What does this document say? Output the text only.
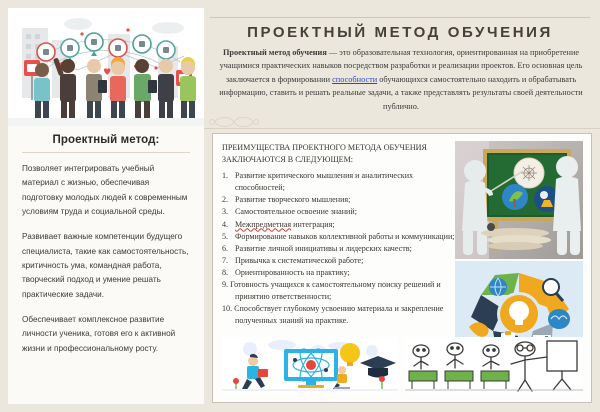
Проектный метод:

Позволяет интегрировать учебный материал с жизнью, обеспечивая подготовку молодых людей к современным условиям труда и социальной среды.

Развивает важные компетенции будущего специалиста, такие как самостоятельность, критичность ума, командная работа, творческий подход и умение решать практические задачи.

Обеспечивает комплексное развитие личности ученика, готовя его к активной жизни и профессиональному росту.

ПРОЕКТНЫЙ МЕТОД ОБУЧЕНИЯ
Проектный метод обучения — это образовательная технология, ориентированная на приобретение учащимися практических навыков посредством разработки и реализации проектов. Его основная цель заключается в формировании способности обучающихся самостоятельно находить и обрабатывать информацию, ставить и решать реальные задачи, а также представлять результаты своей деятельности публично.
ПРЕИМУЩЕСТВА ПРОЕКТНОГО МЕТОДА ОБУЧЕНИЯ
ЗАКЛЮЧАЮТСЯ В СЛЕДУЮЩЕМ:
1. Развитие критического мышления и аналитических способностей;
2. Развитие творческого мышления;
3. Самостоятельное освоение знаний;
4. Межпредметная интеграция;
5. Формирование навыков коллективной работы и коммуникации;
6. Развитие личной инициативы и лидерских качеств;
7. Привычка к систематической работе;
8. Ориентированность на практику;
9. Готовность учащихся к самостоятельному поиску решений и принятию ответственности;
10. Способствует глубокому усвоению материала и закрепление полученных знаний на практике.
